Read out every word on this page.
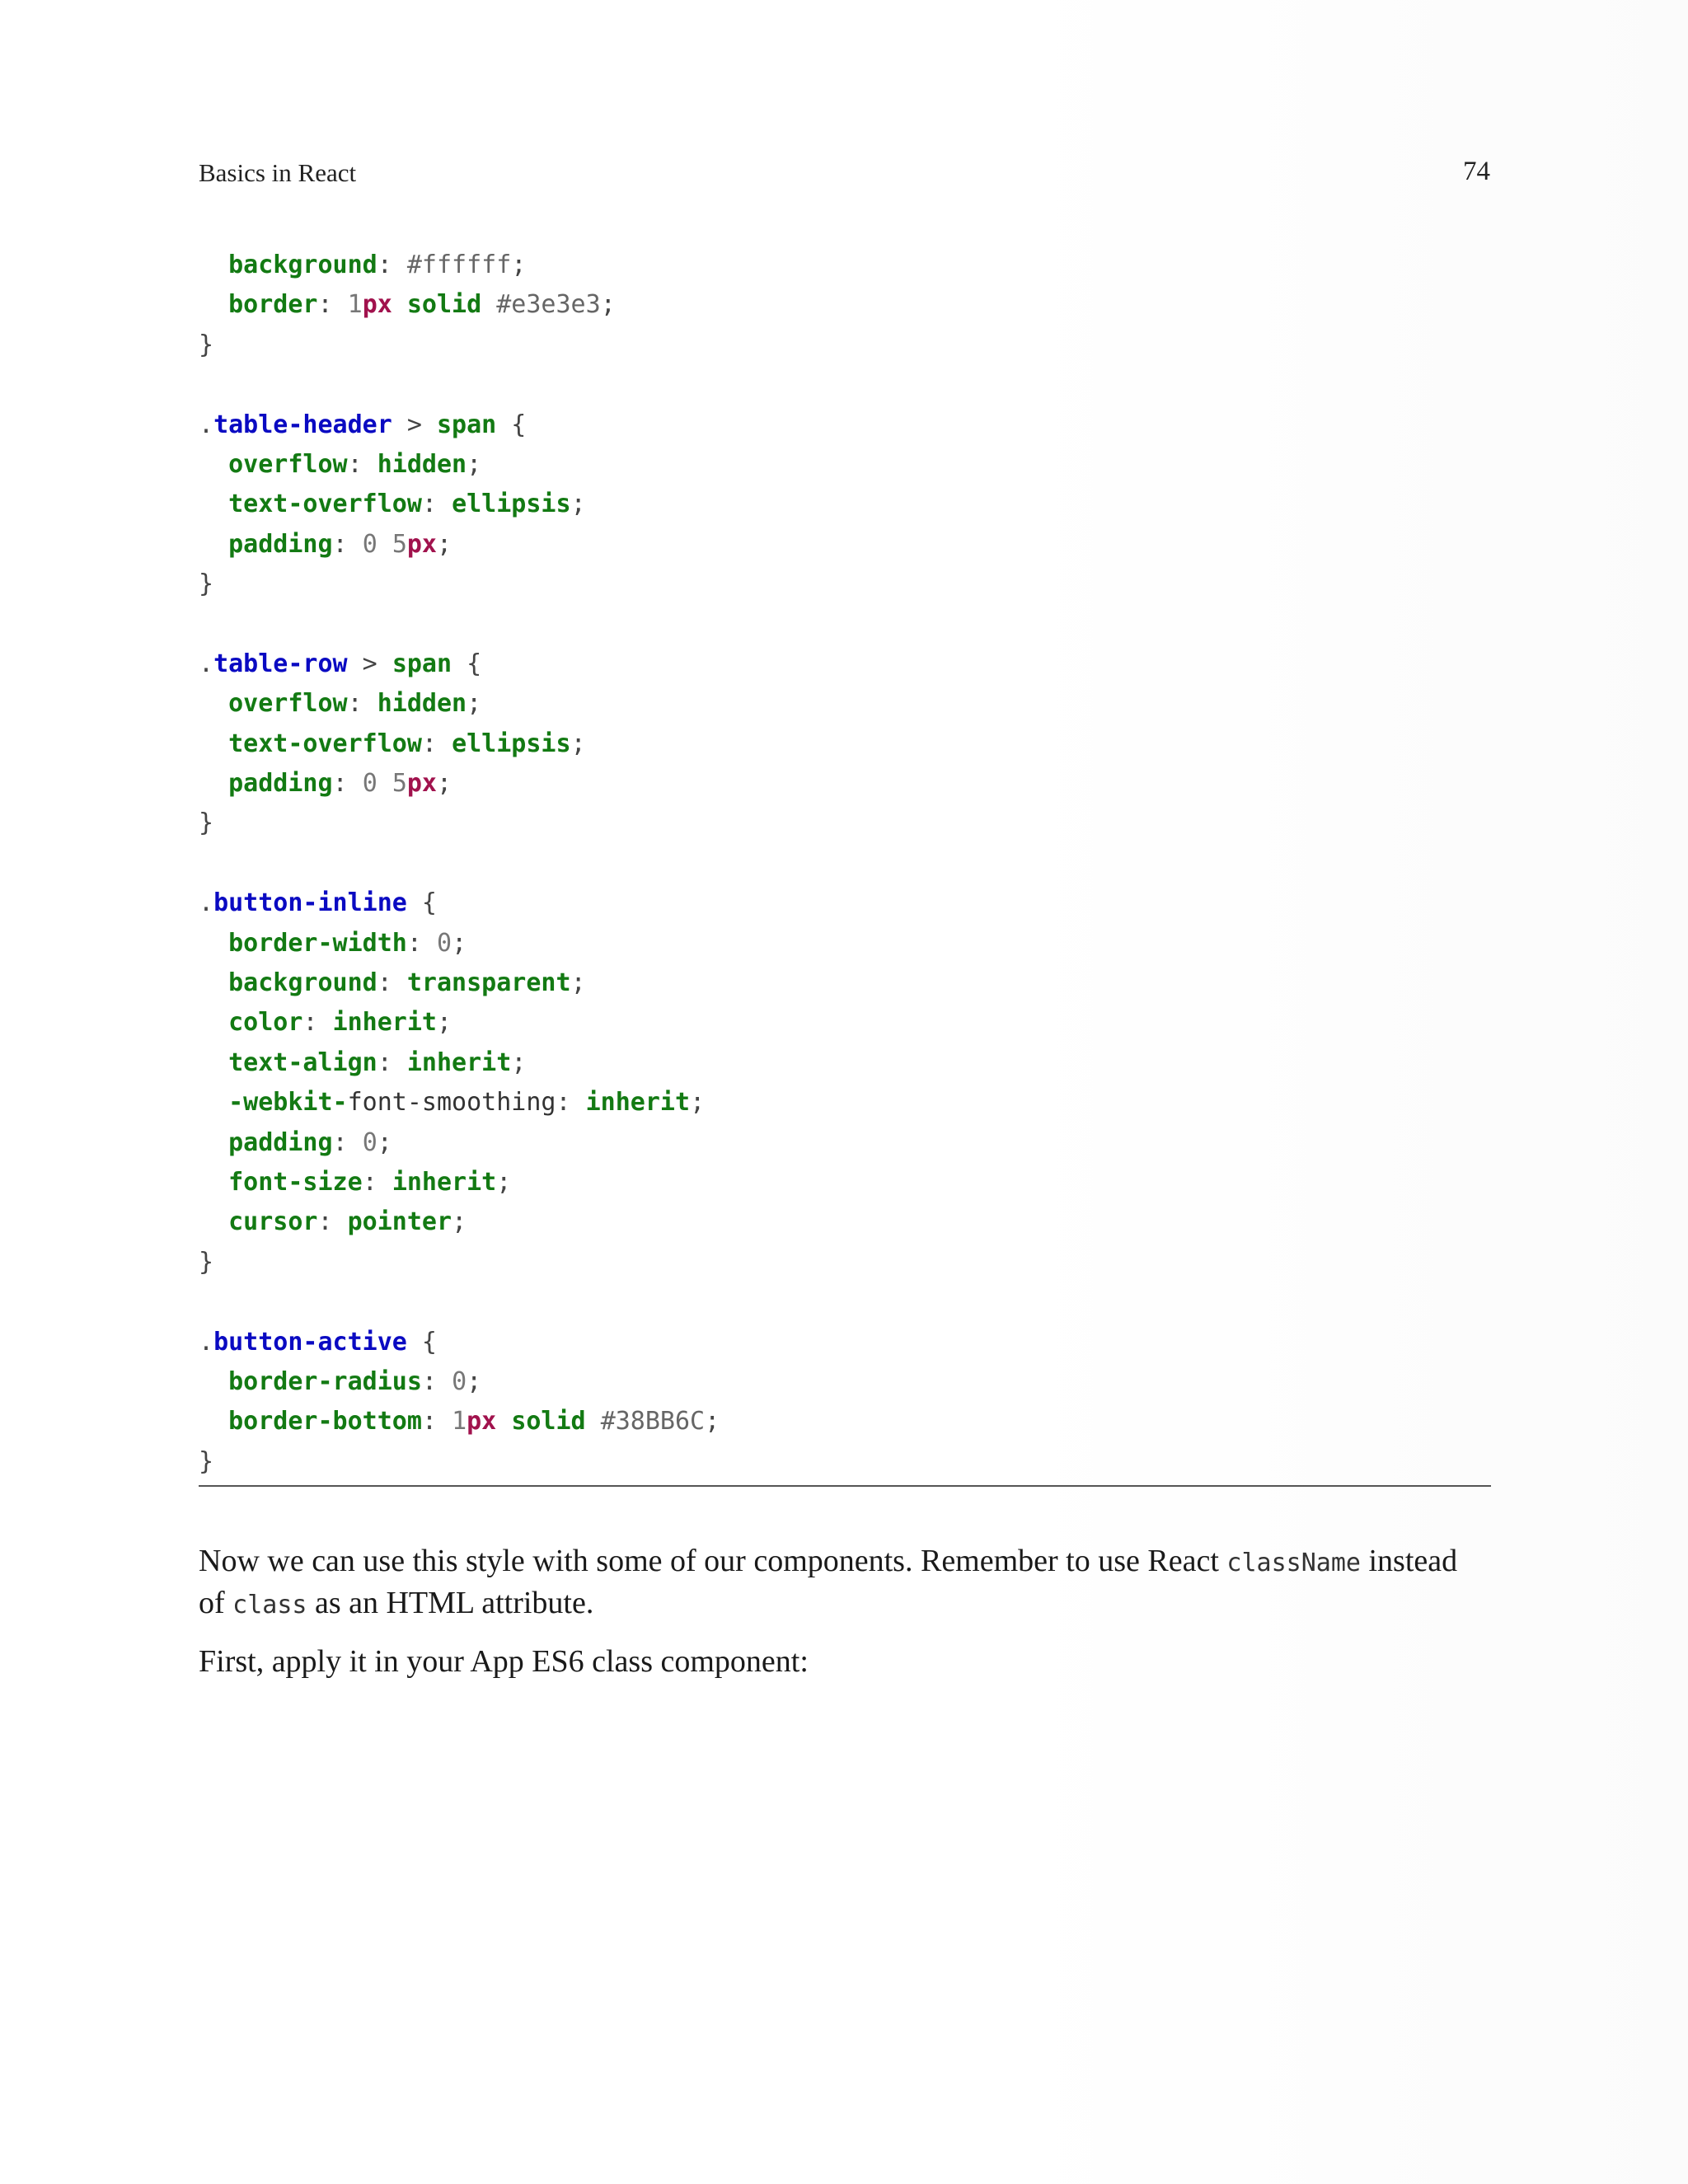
Basics in React	74
background: #ffffff;
border: 1px solid #e3e3e3;
}

.table-header > span {
overflow: hidden;
text-overflow: ellipsis;
padding: 0 5px;
}

.table-row > span {
overflow: hidden;
text-overflow: ellipsis;
padding: 0 5px;
}

.button-inline {
border-width: 0;
background: transparent;
color: inherit;
text-align: inherit;
-webkit-font-smoothing: inherit;
padding: 0;
font-size: inherit;
cursor: pointer;
}

.button-active {
border-radius: 0;
border-bottom: 1px solid #38BB6C;
}

Now we can use this style with some of our components. Remember to use React className instead of class as an HTML attribute.

First, apply it in your App ES6 class component:
